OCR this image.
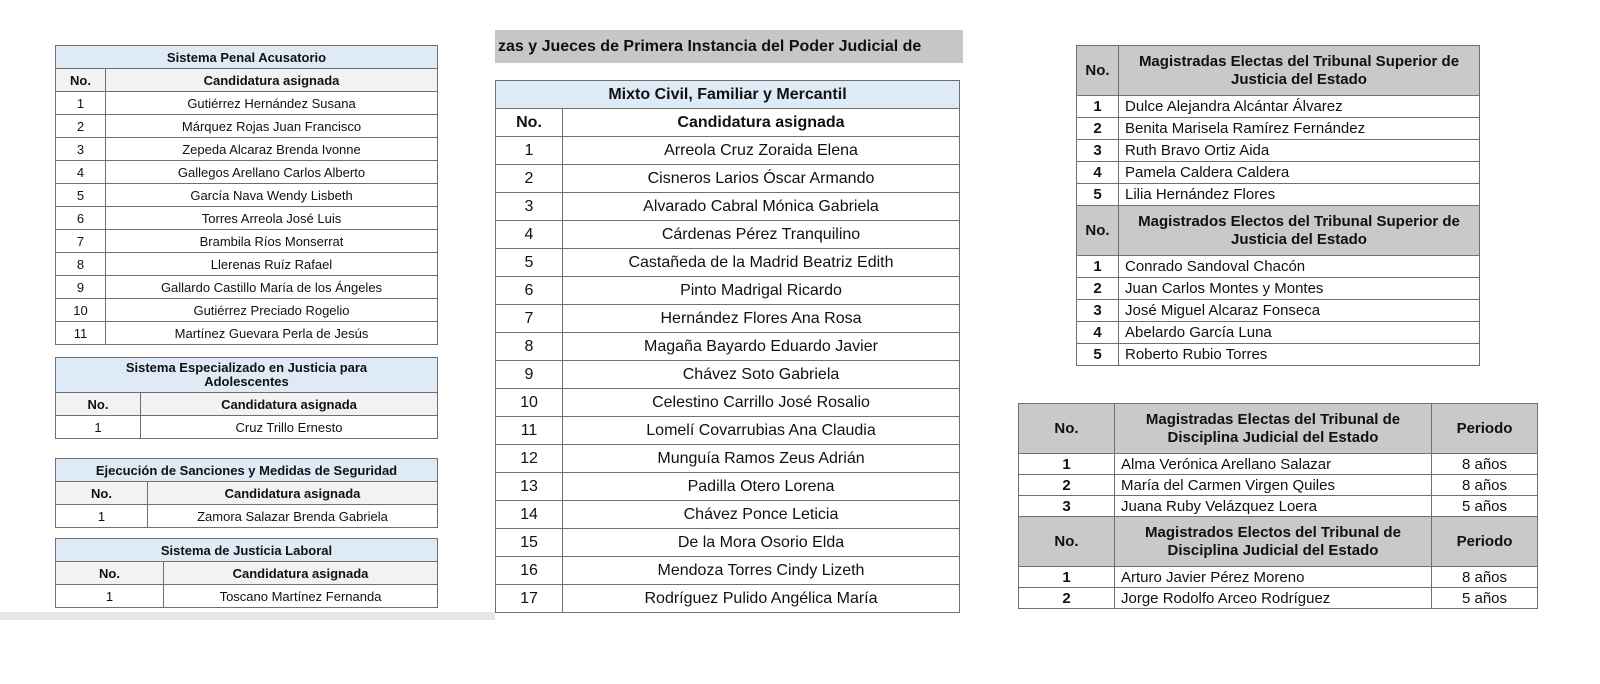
Sistema Penal Acusatorio	
No.	Candidatura asignada
1	Gutiérrez Hernández Susana
2	Márquez Rojas Juan Francisco
3	Zepeda Alcaraz Brenda Ivonne
4	Gallegos Arellano Carlos Alberto
5	García Nava Wendy Lisbeth
6	Torres Arreola José Luis
7	Brambila Ríos Monserrat
8	Llerenas Ruíz Rafael
9	Gallardo Castillo María de los Ángeles
10	Gutiérrez Preciado Rogelio
11	Martínez Guevara Perla de Jesús
Sistema Especializado en Justicia para Adolescentes	
No.	Candidatura asignada
1	Cruz Trillo Ernesto
Ejecución de Sanciones y Medidas de Seguridad	
No.	Candidatura asignada
1	Zamora Salazar Brenda Gabriela
Sistema de Justicia Laboral	
No.	Candidatura asignada
1	Toscano Martínez Fernanda
zas y Jueces de Primera Instancia del Poder Judicial de
Mixto Civil, Familiar y Mercantil	
No.	Candidatura asignada
1	Arreola Cruz Zoraida Elena
2	Cisneros Larios Óscar Armando
3	Alvarado Cabral Mónica Gabriela
4	Cárdenas Pérez Tranquilino
5	Castañeda de la Madrid Beatriz Edith
6	Pinto Madrigal Ricardo
7	Hernández Flores Ana Rosa
8	Magaña Bayardo Eduardo Javier
9	Chávez Soto Gabriela
10	Celestino Carrillo José Rosalio
11	Lomelí Covarrubias Ana Claudia
12	Munguía Ramos Zeus Adrián
13	Padilla Otero Lorena
14	Chávez Ponce Leticia
15	De la Mora Osorio Elda
16	Mendoza Torres Cindy Lizeth
17	Rodríguez Pulido Angélica María
No.	Magistradas Electas del Tribunal Superior de Justicia del Estado
1	Dulce Alejandra Alcántar Álvarez
2	Benita Marisela Ramírez Fernández
3	Ruth Bravo Ortiz Aida
4	Pamela Caldera Caldera
5	Lilia Hernández Flores
No.	Magistrados Electos del Tribunal Superior de Justicia del Estado
1	Conrado Sandoval Chacón
2	Juan Carlos Montes y Montes
3	José Miguel Alcaraz Fonseca
4	Abelardo García Luna
5	Roberto Rubio Torres
No.	Magistradas Electas del Tribunal de Disciplina Judicial del Estado	Periodo
1	Alma Verónica Arellano Salazar	8 años
2	María del Carmen Virgen Quiles	8 años
3	Juana Ruby Velázquez Loera	5 años
No.	Magistrados Electos del Tribunal de Disciplina Judicial del Estado	Periodo
1	Arturo Javier Pérez Moreno	8 años
2	Jorge Rodolfo Arceo Rodríguez	5 años
